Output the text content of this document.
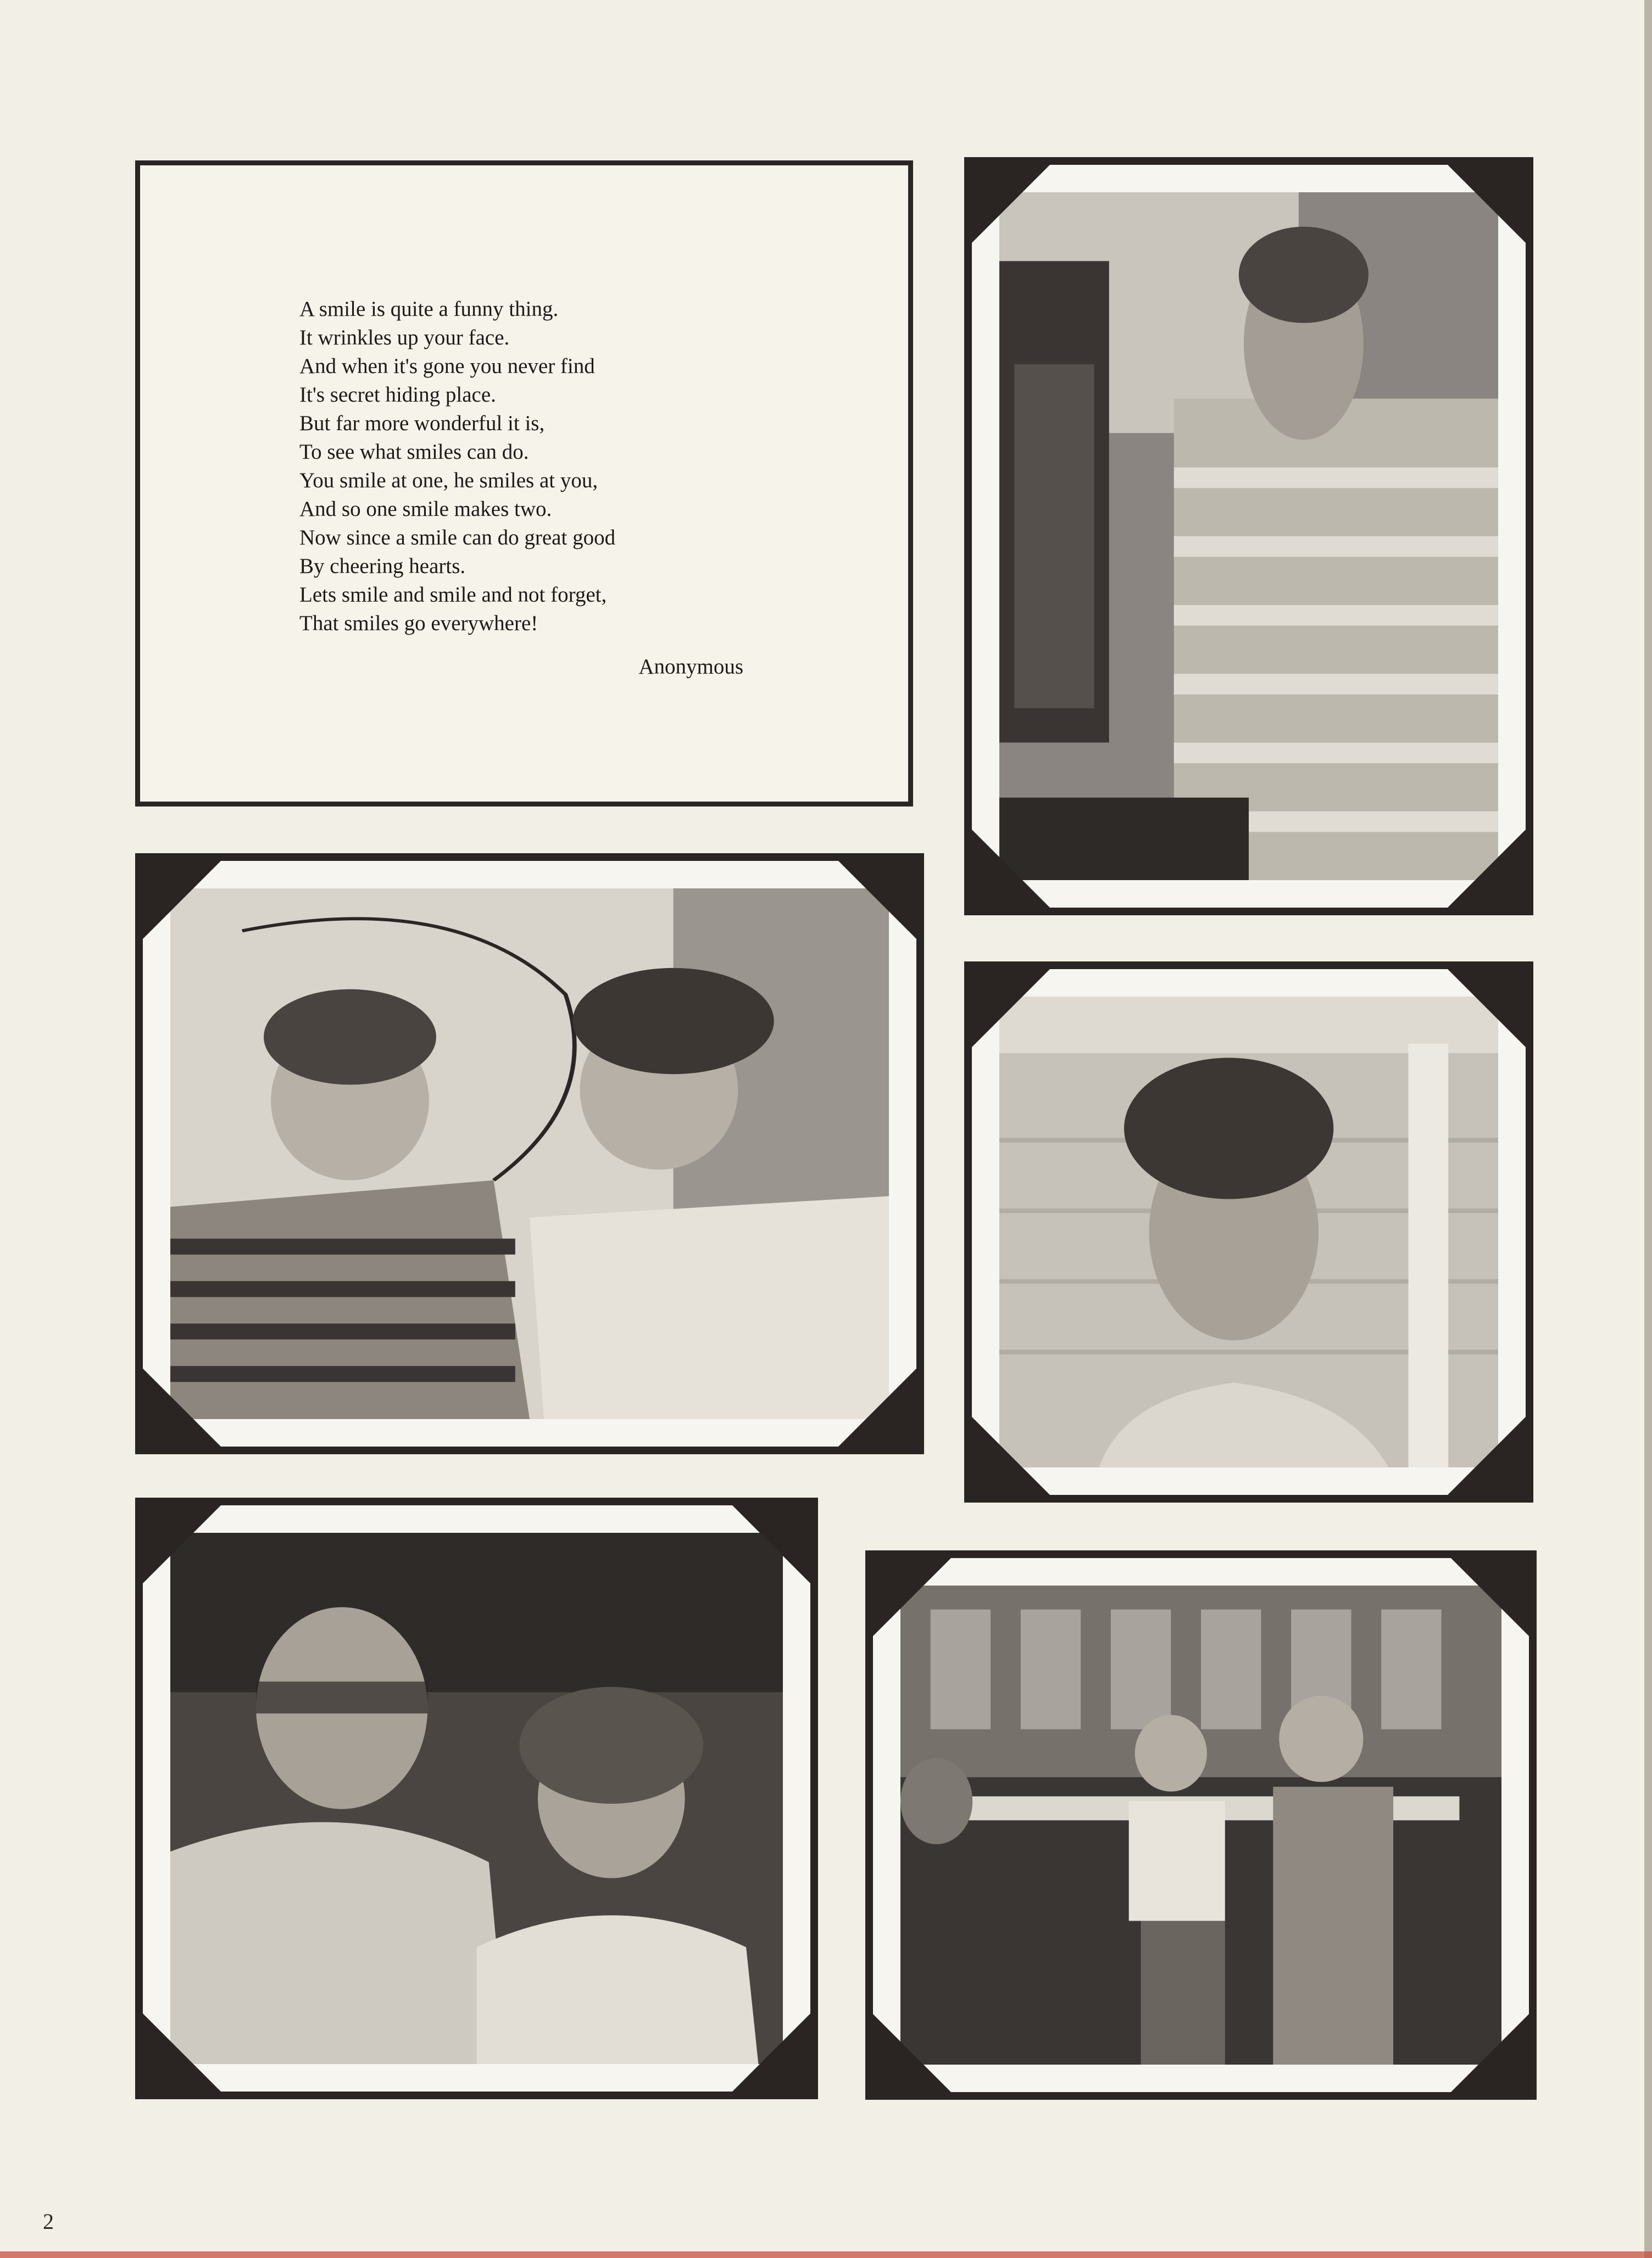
A smile is quite a funny thing.
It wrinkles up your face.
And when it's gone you never find
It's secret hiding place.
But far more wonderful it is,
To see what smiles can do.
You smile at one, he smiles at you,
And so one smile makes two.
Now since a smile can do great good
By cheering hearts.
Lets smile and smile and not forget,
That smiles go everywhere!
Anonymous
2
